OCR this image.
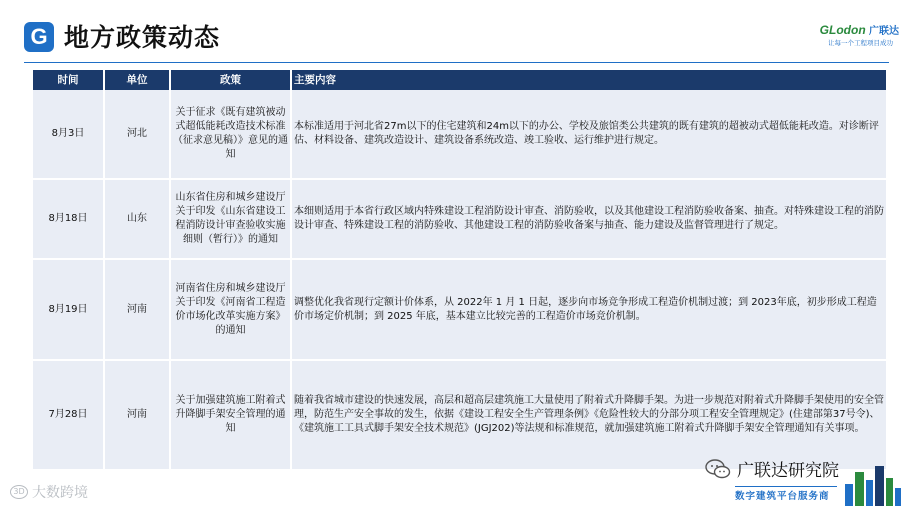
G 地方政策动态	GLodon 广联达
让每一个工程项目成功
时间	单位	政策	主要内容
8月3日	河北	关于征求《既有建筑被动式超低能耗改造技术标准（征求意见稿）》意见的通知	本标准适用于河北省27m以下的住宅建筑和24m以下的办公、学校及旅馆类公共建筑的既有建筑的超被动式超低能耗改造。对诊断评估、材料设备、建筑改造设计、建筑设备系统改造、竣工验收、运行维护进行规定。
8月18日	山东	山东省住房和城乡建设厅关于印发《山东省建设工程消防设计审查验收实施细则（暂行）》的通知	本细则适用于本省行政区域内特殊建设工程消防设计审查、消防验收，以及其他建设工程消防验收备案、抽查。对特殊建设工程的消防设计审查、特殊建设工程的消防验收、其他建设工程的消防验收备案与抽查、能力建设及监督管理进行了规定。
8月19日	河南	河南省住房和城乡建设厅关于印发《河南省工程造价市场化改革实施方案》的通知	调整优化我省现行定额计价体系，从 2022年 1 月 1 日起，逐步向市场竞争形成工程造价机制过渡；到 2023年底，初步形成工程造价市场定价机制；到 2025 年底，基本建立比较完善的工程造价市场竞价机制。
7月28日	河南	关于加强建筑施工附着式升降脚手架安全管理的通知	随着我省城市建设的快速发展，高层和超高层建筑施工大量使用了附着式升降脚手架。为进一步规范对附着式升降脚手架使用的安全管理，防范生产安全事故的发生，依据《建设工程安全生产管理条例》《危险性较大的分部分项工程安全管理规定》(住建部第37号令)、《建筑施工工具式脚手架安全技术规范》(JGJ202)等法规和标准规范，就加强建筑施工附着式升降脚手架安全管理通知有关事项。
3D 大数跨境
广联达研究院
数字建筑平台服务商
